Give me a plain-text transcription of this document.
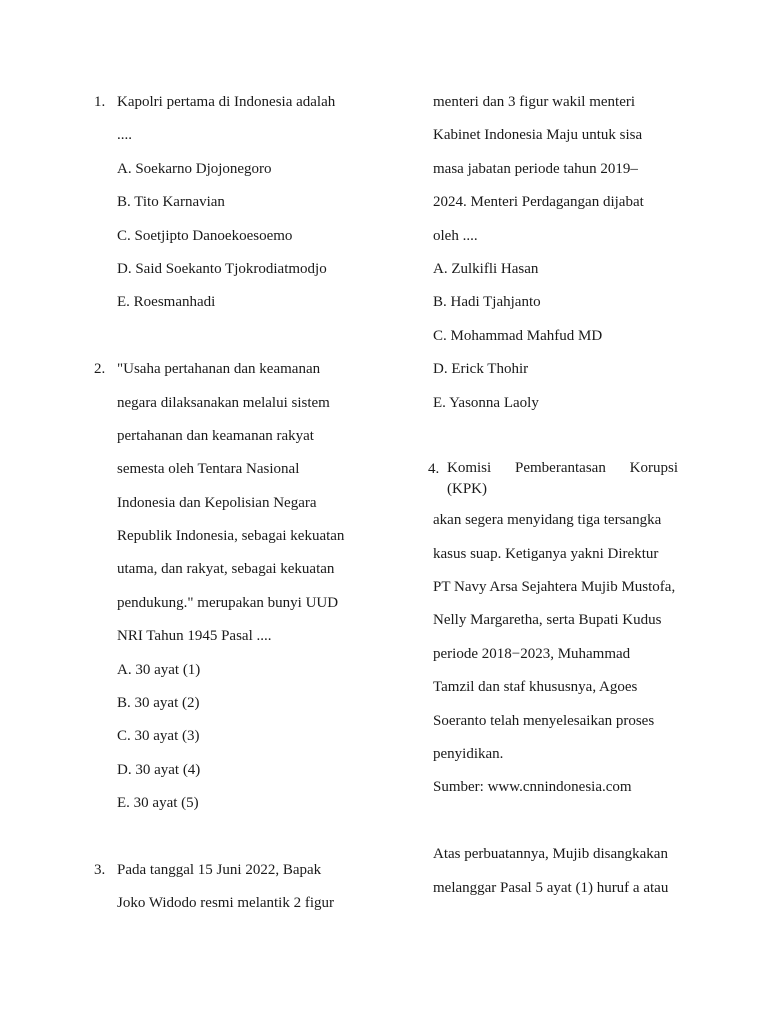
1. Kapolri pertama di Indonesia adalah
....
A. Soekarno Djojonegoro
B. Tito Karnavian
C. Soetjipto Danoekoesoemo
D. Said Soekanto Tjokrodiatmodjo
E. Roesmanhadi
2. "Usaha pertahanan dan keamanan
negara dilaksanakan melalui sistem
pertahanan dan keamanan rakyat
semesta oleh Tentara Nasional
Indonesia dan Kepolisian Negara
Republik Indonesia, sebagai kekuatan
utama, dan rakyat, sebagai kekuatan
pendukung." merupakan bunyi UUD
NRI Tahun 1945 Pasal ....
A. 30 ayat (1)
B. 30 ayat (2)
C. 30 ayat (3)
D. 30 ayat (4)
E. 30 ayat (5)
3. Pada tanggal 15 Juni 2022, Bapak
Joko Widodo resmi melantik 2 figur
menteri dan 3 figur wakil menteri
Kabinet Indonesia Maju untuk sisa
masa jabatan periode tahun 2019–
2024. Menteri Perdagangan dijabat
oleh ....
A. Zulkifli Hasan
B. Hadi Tjahjanto
C. Mohammad Mahfud MD
D. Erick Thohir
E. Yasonna Laoly
4. Komisi Pemberantasan Korupsi
(KPK)
akan segera menyidang tiga tersangka
kasus suap. Ketiganya yakni Direktur
PT Navy Arsa Sejahtera Mujib Mustofa,
Nelly Margaretha, serta Bupati Kudus
periode 2018−2023, Muhammad
Tamzil dan staf khususnya, Agoes
Soeranto telah menyelesaikan proses
penyidikan.
Sumber: www.cnnindonesia.com
Atas perbuatannya, Mujib disangkakan
melanggar Pasal 5 ayat (1) huruf a atau
